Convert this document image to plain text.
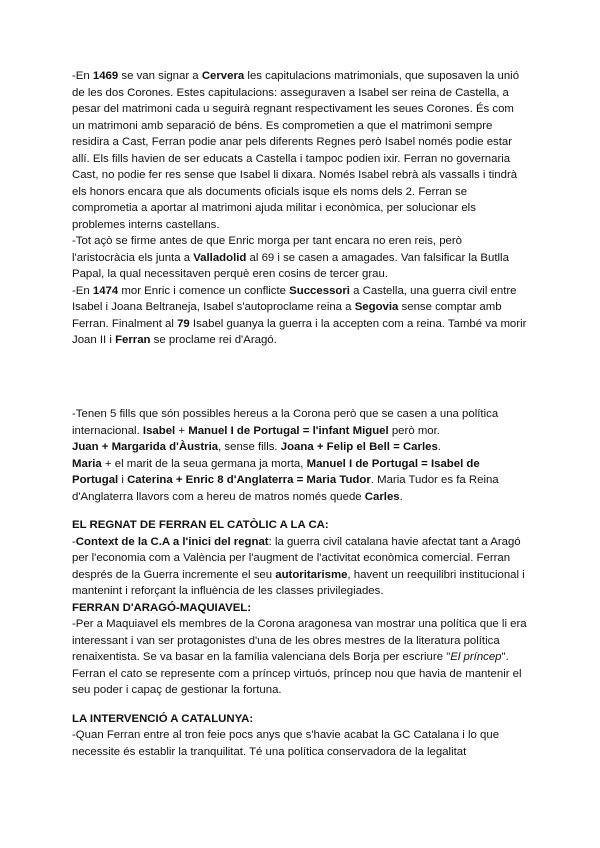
-En 1469 se van signar a Cervera les capitulacions matrimonials, que suposaven la unió de les dos Corones. Estes capitulacions: asseguraven a Isabel ser reina de Castella, a pesar del matrimoni cada u seguirà regnant respectivament les seues Corones. És com un matrimoni amb separació de béns. Es comprometien a que el matrimoni sempre residira a Cast, Ferran podie anar pels diferents Regnes però Isabel només podie estar allí. Els fills havien de ser educats a Castella i tampoc podien ixir. Ferran no governaria Cast, no podie fer res sense que Isabel li dixara. Només Isabel rebrà als vassalls i tindrà els honors encara que als documents oficials isque els noms dels 2. Ferran se comprometia a aportar al matrimoni ajuda militar i econòmica, per solucionar els problemes interns castellans.

-Tot açò se firme antes de que Enric morga per tant encara no eren reis, però l'aristocràcia els junta a Valladolid al 69 i se casen a amagades. Van falsificar la Butlla Papal, la qual necessitaven perquè eren cosins de tercer grau.

-En 1474 mor Enric i comence un conflicte Successori a Castella, una guerra civil entre Isabel i Joana Beltraneja, Isabel s'autoproclame reina a Segovia sense comptar amb Ferran. Finalment al 79 Isabel guanya la guerra i la accepten com a reina. També va morir Joan II i Ferran se proclame rei d'Aragó.

-Tenen 5 fills que són possibles hereus a la Corona però que se casen a una política internacional. Isabel + Manuel I de Portugal = l'infant Miguel però mor.

Juan + Margarida d'Àustria, sense fills. Joana + Felip el Bell = Carles.

Maria + el marit de la seua germana ja morta, Manuel I de Portugal = Isabel de Portugal i Caterina + Enric 8 d'Anglaterra = Maria Tudor. Maria Tudor es fa Reina d'Anglaterra llavors com a hereu de matros només quede Carles.

EL REGNAT DE FERRAN EL CATÒLIC A LA CA:

-Context de la C.A a l'inici del regnat: la guerra civil catalana havie afectat tant a Aragó per l'economia com a València per l'augment de l'activitat econòmica comercial. Ferran després de la Guerra incremente el seu autoritarisme, havent un reequilibri institucional i mantenint i reforçant la influència de les classes privilegiades.

FERRAN D'ARAGÓ-MAQUIAVEL:

-Per a Maquiavel els membres de la Corona aragonesa van mostrar una política que li era interessant i van ser protagonistes d'una de les obres mestres de la literatura política renaixentista. Se va basar en la família valenciana dels Borja per escriure "El príncep". Ferran el cato se represente com a príncep virtuós, príncep nou que havia de mantenir el seu poder i capaç de gestionar la fortuna.

LA INTERVENCIÓ A CATALUNYA:

-Quan Ferran entre al tron feie pocs anys que s'havie acabat la GC Catalana i lo que necessite és establir la tranquilitat. Té una política conservadora de la legalitat
